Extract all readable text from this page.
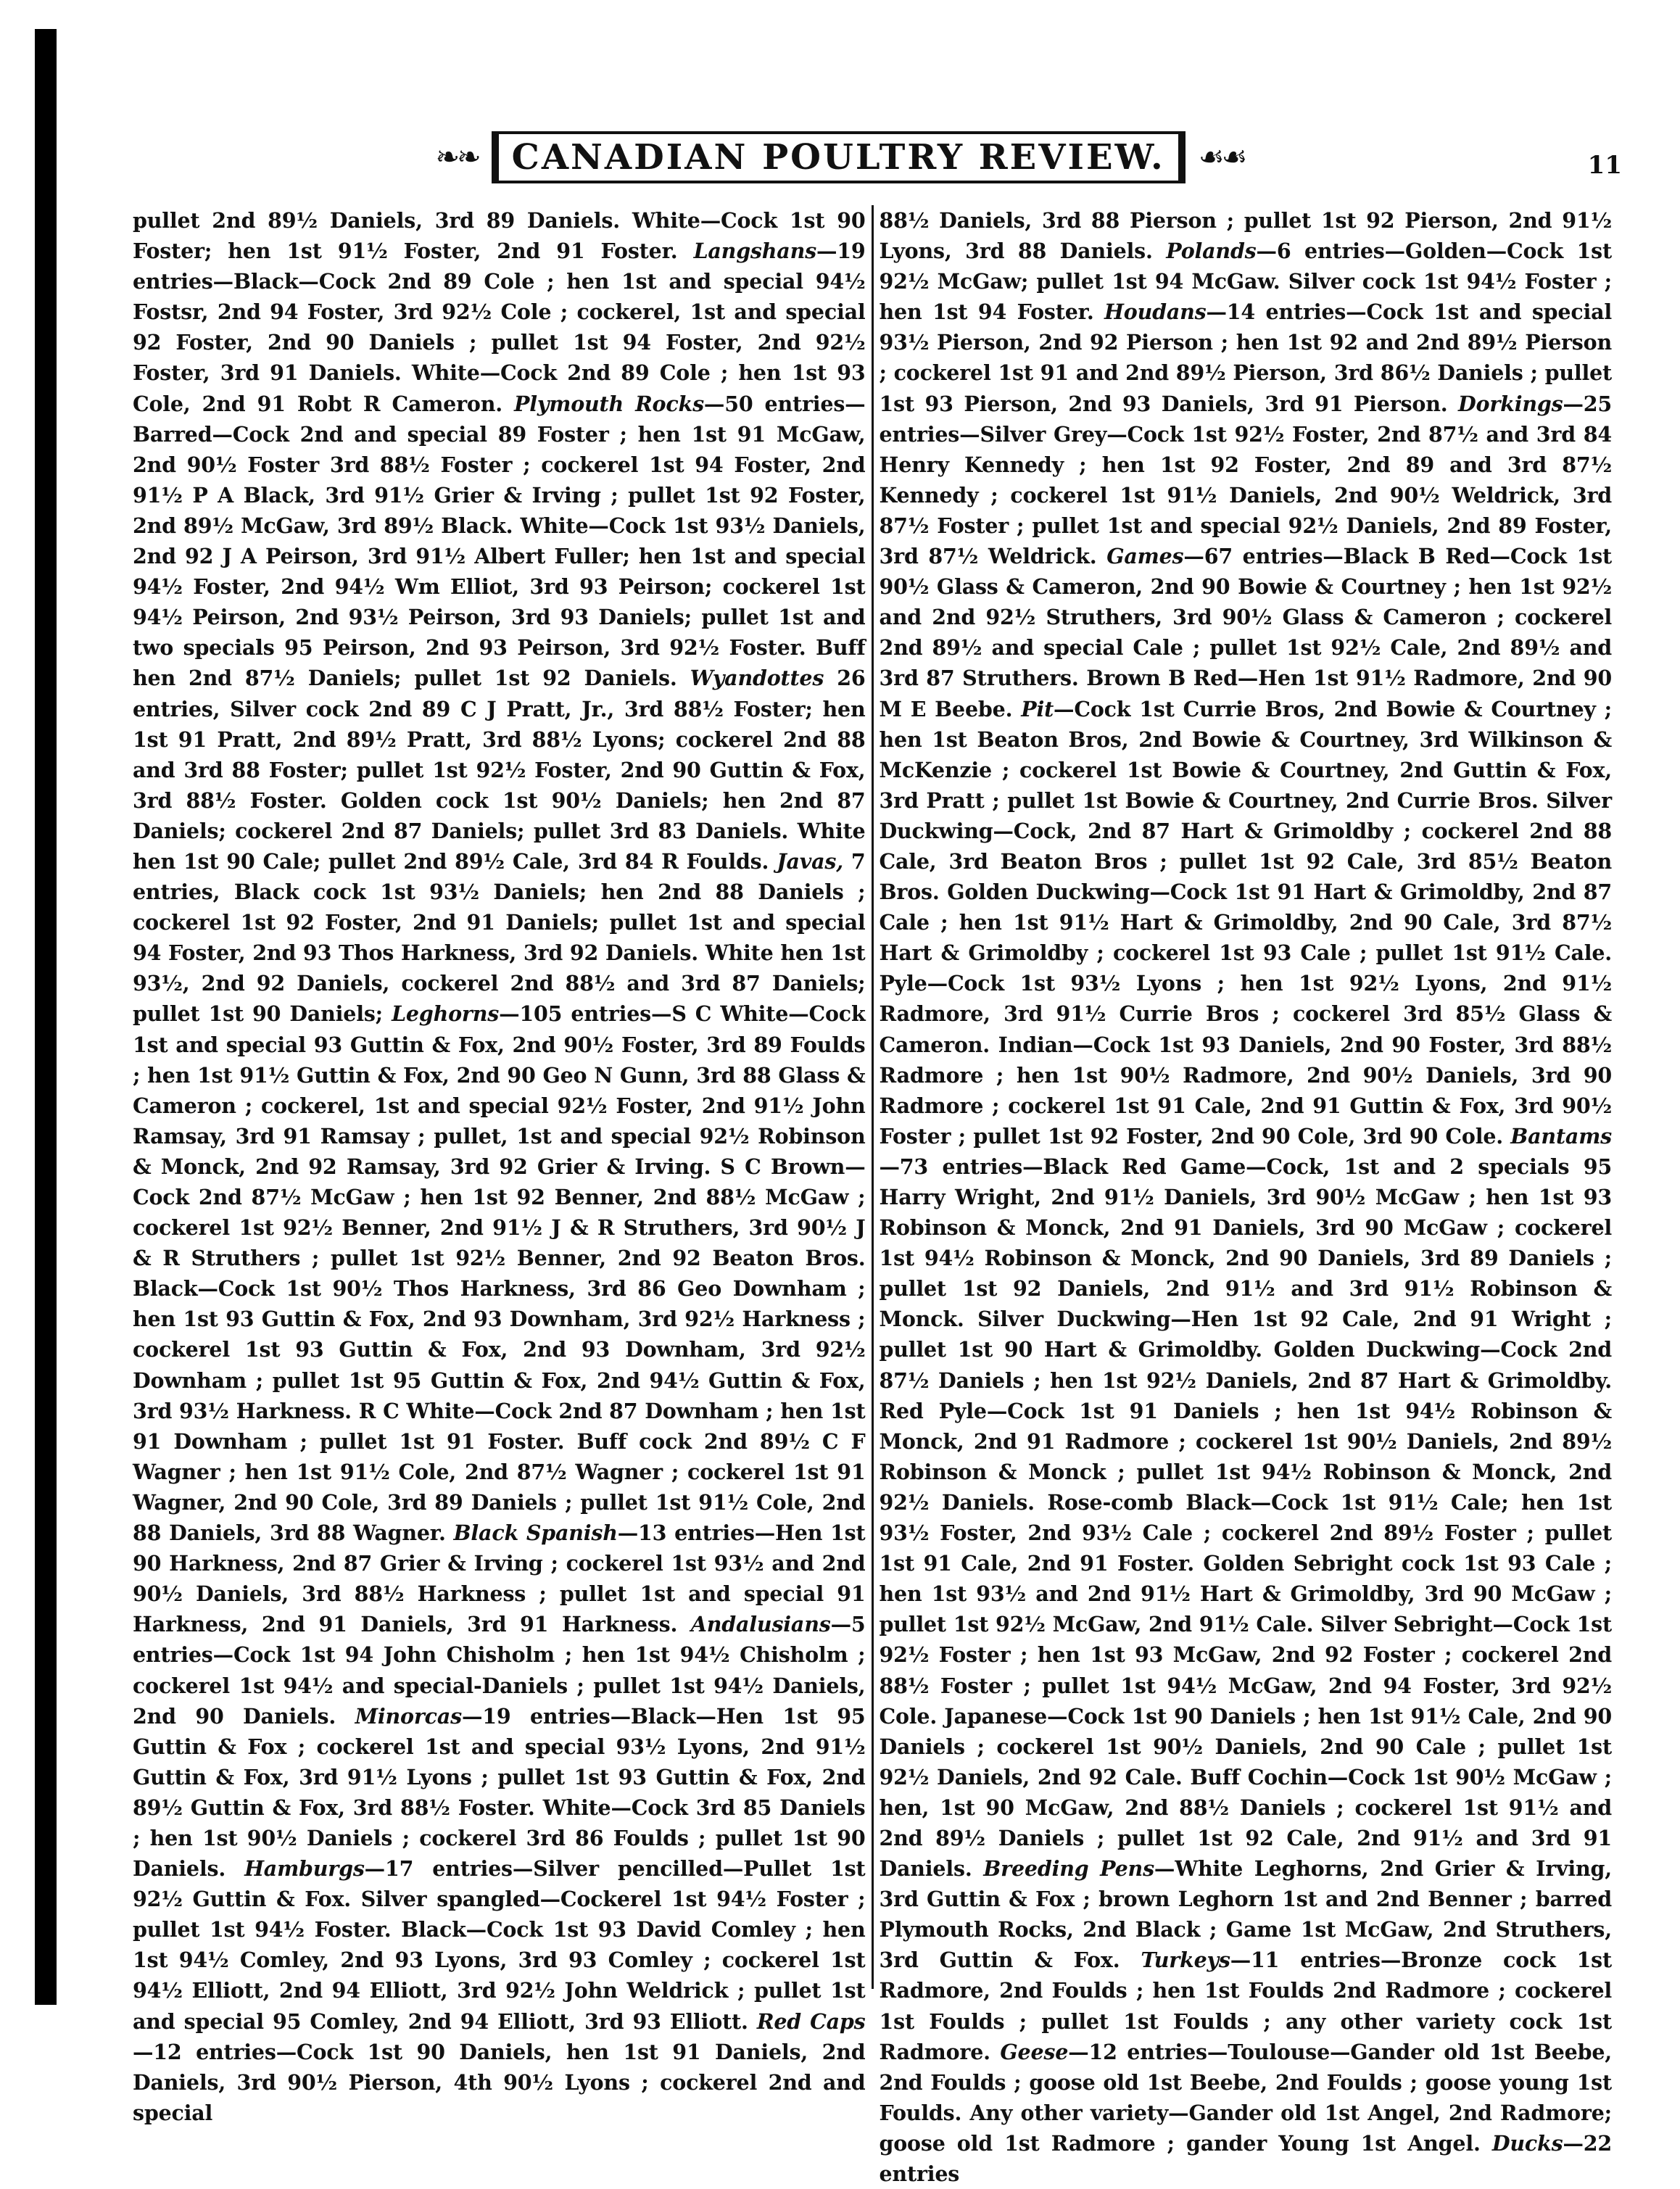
❧❧ CANADIAN POULTRY REVIEW.	☙☙	11
pullet 2nd 89½ Daniels, 3rd 89 Daniels. White—Cock 1st 90 Foster; hen 1st 91½ Foster, 2nd 91 Foster. Langshans—19 entries—Black—Cock 2nd 89 Cole ; hen 1st and special 94½ Fostsr, 2nd 94 Foster, 3rd 92½ Cole ; cockerel, 1st and special 92 Foster, 2nd 90 Daniels ; pullet 1st 94 Foster, 2nd 92½ Foster, 3rd 91 Daniels. White—Cock 2nd 89 Cole ; hen 1st 93 Cole, 2nd 91 Robt R Cameron. Plymouth Rocks—50 entries—Barred—Cock 2nd and special 89 Foster ; hen 1st 91 McGaw, 2nd 90½ Foster 3rd 88½ Foster ; cockerel 1st 94 Foster, 2nd 91½ P A Black, 3rd 91½ Grier & Irving ; pullet 1st 92 Foster, 2nd 89½ McGaw, 3rd 89½ Black. White—Cock 1st 93½ Daniels, 2nd 92 J A Peirson, 3rd 91½ Albert Fuller; hen 1st and special 94½ Foster, 2nd 94½ Wm Elliot, 3rd 93 Peirson; cockerel 1st 94½ Peirson, 2nd 93½ Peirson, 3rd 93 Daniels; pullet 1st and two specials 95 Peirson, 2nd 93 Peirson, 3rd 92½ Foster. Buff hen 2nd 87½ Daniels; pullet 1st 92 Daniels. Wyandottes 26 entries, Silver cock 2nd 89 C J Pratt, Jr., 3rd 88½ Foster; hen 1st 91 Pratt, 2nd 89½ Pratt, 3rd 88½ Lyons; cockerel 2nd 88 and 3rd 88 Foster; pullet 1st 92½ Foster, 2nd 90 Guttin & Fox, 3rd 88½ Foster. Golden cock 1st 90½ Daniels; hen 2nd 87 Daniels; cockerel 2nd 87 Daniels; pullet 3rd 83 Daniels. White hen 1st 90 Cale; pullet 2nd 89½ Cale, 3rd 84 R Foulds. Javas, 7 entries, Black cock 1st 93½ Daniels; hen 2nd 88 Daniels ; cockerel 1st 92 Foster, 2nd 91 Daniels; pullet 1st and special 94 Foster, 2nd 93 Thos Harkness, 3rd 92 Daniels. White hen 1st 93½, 2nd 92 Daniels, cockerel 2nd 88½ and 3rd 87 Daniels; pullet 1st 90 Daniels; Leghorns—105 entries—S C White—Cock 1st and special 93 Guttin & Fox, 2nd 90½ Foster, 3rd 89 Foulds ; hen 1st 91½ Guttin & Fox, 2nd 90 Geo N Gunn, 3rd 88 Glass & Cameron ; cockerel, 1st and special 92½ Foster, 2nd 91½ John Ramsay, 3rd 91 Ramsay ; pullet, 1st and special 92½ Robinson & Monck, 2nd 92 Ramsay, 3rd 92 Grier & Irving. S C Brown—Cock 2nd 87½ McGaw ; hen 1st 92 Benner, 2nd 88½ McGaw ; cockerel 1st 92½ Benner, 2nd 91½ J & R Struthers, 3rd 90½ J & R Struthers ; pullet 1st 92½ Benner, 2nd 92 Beaton Bros. Black—Cock 1st 90½ Thos Harkness, 3rd 86 Geo Downham ; hen 1st 93 Guttin & Fox, 2nd 93 Downham, 3rd 92½ Harkness ; cockerel 1st 93 Guttin & Fox, 2nd 93 Downham, 3rd 92½ Downham ; pullet 1st 95 Guttin & Fox, 2nd 94½ Guttin & Fox, 3rd 93½ Harkness. R C White—Cock 2nd 87 Downham ; hen 1st 91 Downham ; pullet 1st 91 Foster. Buff cock 2nd 89½ C F Wagner ; hen 1st 91½ Cole, 2nd 87½ Wagner ; cockerel 1st 91 Wagner, 2nd 90 Cole, 3rd 89 Daniels ; pullet 1st 91½ Cole, 2nd 88 Daniels, 3rd 88 Wagner. Black Spanish—13 entries—Hen 1st 90 Harkness, 2nd 87 Grier & Irving ; cockerel 1st 93½ and 2nd 90½ Daniels, 3rd 88½ Harkness ; pullet 1st and special 91 Harkness, 2nd 91 Daniels, 3rd 91 Harkness. Andalusians—5 entries—Cock 1st 94 John Chisholm ; hen 1st 94½ Chisholm ; cockerel 1st 94½ and special-Daniels ; pullet 1st 94½ Daniels, 2nd 90 Daniels. Minorcas—19 entries—Black—Hen 1st 95 Guttin & Fox ; cockerel 1st and special 93½ Lyons, 2nd 91½ Guttin & Fox, 3rd 91½ Lyons ; pullet 1st 93 Guttin & Fox, 2nd 89½ Guttin & Fox, 3rd 88½ Foster. White—Cock 3rd 85 Daniels ; hen 1st 90½ Daniels ; cockerel 3rd 86 Foulds ; pullet 1st 90 Daniels. Hamburgs—17 entries—Silver pencilled—Pullet 1st 92½ Guttin & Fox. Silver spangled—Cockerel 1st 94½ Foster ; pullet 1st 94½ Foster. Black—Cock 1st 93 David Comley ; hen 1st 94½ Comley, 2nd 93 Lyons, 3rd 93 Comley ; cockerel 1st 94½ Elliott, 2nd 94 Elliott, 3rd 92½ John Weldrick ; pullet 1st and special 95 Comley, 2nd 94 Elliott, 3rd 93 Elliott. Red Caps—12 entries—Cock 1st 90 Daniels, hen 1st 91 Daniels, 2nd Daniels, 3rd 90½ Pierson, 4th 90½ Lyons ; cockerel 2nd and special
88½ Daniels, 3rd 88 Pierson ; pullet 1st 92 Pierson, 2nd 91½ Lyons, 3rd 88 Daniels. Polands—6 entries—Golden—Cock 1st 92½ McGaw; pullet 1st 94 McGaw. Silver cock 1st 94½ Foster ; hen 1st 94 Foster. Houdans—14 entries—Cock 1st and special 93½ Pierson, 2nd 92 Pierson ; hen 1st 92 and 2nd 89½ Pierson ; cockerel 1st 91 and 2nd 89½ Pierson, 3rd 86½ Daniels ; pullet 1st 93 Pierson, 2nd 93 Daniels, 3rd 91 Pierson. Dorkings—25 entries—Silver Grey—Cock 1st 92½ Foster, 2nd 87½ and 3rd 84 Henry Kennedy ; hen 1st 92 Foster, 2nd 89 and 3rd 87½ Kennedy ; cockerel 1st 91½ Daniels, 2nd 90½ Weldrick, 3rd 87½ Foster ; pullet 1st and special 92½ Daniels, 2nd 89 Foster, 3rd 87½ Weldrick. Games—67 entries—Black B Red—Cock 1st 90½ Glass & Cameron, 2nd 90 Bowie & Courtney ; hen 1st 92½ and 2nd 92½ Struthers, 3rd 90½ Glass & Cameron ; cockerel 2nd 89½ and special Cale ; pullet 1st 92½ Cale, 2nd 89½ and 3rd 87 Struthers. Brown B Red—Hen 1st 91½ Radmore, 2nd 90 M E Beebe. Pit—Cock 1st Currie Bros, 2nd Bowie & Courtney ; hen 1st Beaton Bros, 2nd Bowie & Courtney, 3rd Wilkinson & McKenzie ; cockerel 1st Bowie & Courtney, 2nd Guttin & Fox, 3rd Pratt ; pullet 1st Bowie & Courtney, 2nd Currie Bros. Silver Duckwing—Cock, 2nd 87 Hart & Grimoldby ; cockerel 2nd 88 Cale, 3rd Beaton Bros ; pullet 1st 92 Cale, 3rd 85½ Beaton Bros. Golden Duckwing—Cock 1st 91 Hart & Grimoldby, 2nd 87 Cale ; hen 1st 91½ Hart & Grimoldby, 2nd 90 Cale, 3rd 87½ Hart & Grimoldby ; cockerel 1st 93 Cale ; pullet 1st 91½ Cale. Pyle—Cock 1st 93½ Lyons ; hen 1st 92½ Lyons, 2nd 91½ Radmore, 3rd 91½ Currie Bros ; cockerel 3rd 85½ Glass & Cameron. Indian—Cock 1st 93 Daniels, 2nd 90 Foster, 3rd 88½ Radmore ; hen 1st 90½ Radmore, 2nd 90½ Daniels, 3rd 90 Radmore ; cockerel 1st 91 Cale, 2nd 91 Guttin & Fox, 3rd 90½ Foster ; pullet 1st 92 Foster, 2nd 90 Cole, 3rd 90 Cole. Bantams—73 entries—Black Red Game—Cock, 1st and 2 specials 95 Harry Wright, 2nd 91½ Daniels, 3rd 90½ McGaw ; hen 1st 93 Robinson & Monck, 2nd 91 Daniels, 3rd 90 McGaw ; cockerel 1st 94½ Robinson & Monck, 2nd 90 Daniels, 3rd 89 Daniels ; pullet 1st 92 Daniels, 2nd 91½ and 3rd 91½ Robinson & Monck. Silver Duckwing—Hen 1st 92 Cale, 2nd 91 Wright ; pullet 1st 90 Hart & Grimoldby. Golden Duckwing—Cock 2nd 87½ Daniels ; hen 1st 92½ Daniels, 2nd 87 Hart & Grimoldby. Red Pyle—Cock 1st 91 Daniels ; hen 1st 94½ Robinson & Monck, 2nd 91 Radmore ; cockerel 1st 90½ Daniels, 2nd 89½ Robinson & Monck ; pullet 1st 94½ Robinson & Monck, 2nd 92½ Daniels. Rose-comb Black—Cock 1st 91½ Cale; hen 1st 93½ Foster, 2nd 93½ Cale ; cockerel 2nd 89½ Foster ; pullet 1st 91 Cale, 2nd 91 Foster. Golden Sebright cock 1st 93 Cale ; hen 1st 93½ and 2nd 91½ Hart & Grimoldby, 3rd 90 McGaw ; pullet 1st 92½ McGaw, 2nd 91½ Cale. Silver Sebright—Cock 1st 92½ Foster ; hen 1st 93 McGaw, 2nd 92 Foster ; cockerel 2nd 88½ Foster ; pullet 1st 94½ McGaw, 2nd 94 Foster, 3rd 92½ Cole. Japanese—Cock 1st 90 Daniels ; hen 1st 91½ Cale, 2nd 90 Daniels ; cockerel 1st 90½ Daniels, 2nd 90 Cale ; pullet 1st 92½ Daniels, 2nd 92 Cale. Buff Cochin—Cock 1st 90½ McGaw ; hen, 1st 90 McGaw, 2nd 88½ Daniels ; cockerel 1st 91½ and 2nd 89½ Daniels ; pullet 1st 92 Cale, 2nd 91½ and 3rd 91 Daniels. Breeding Pens—White Leghorns, 2nd Grier & Irving, 3rd Guttin & Fox ; brown Leghorn 1st and 2nd Benner ; barred Plymouth Rocks, 2nd Black ; Game 1st McGaw, 2nd Struthers, 3rd Guttin & Fox. Turkeys—11 entries—Bronze cock 1st Radmore, 2nd Foulds ; hen 1st Foulds 2nd Radmore ; cockerel 1st Foulds ; pullet 1st Foulds ; any other variety cock 1st Radmore. Geese—12 entries—Toulouse—Gander old 1st Beebe, 2nd Foulds ; goose old 1st Beebe, 2nd Foulds ; goose young 1st Foulds. Any other variety—Gander old 1st Angel, 2nd Radmore; goose old 1st Radmore ; gander Young 1st Angel. Ducks—22 entries
